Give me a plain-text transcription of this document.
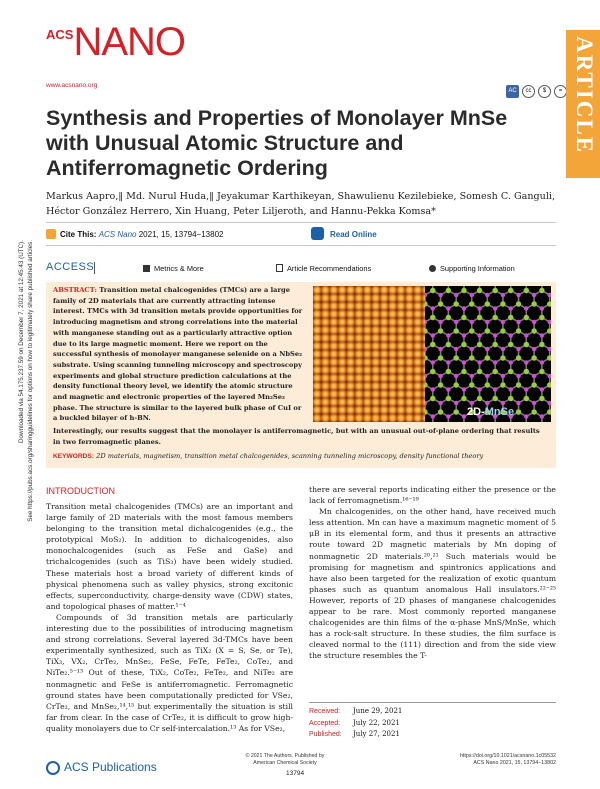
$^{ACS}$NANO
www.acsnano.org
AC	cc	$	= ARTICLE
Downloaded via 54.175.237.59 on December 7, 2021 at 12:45:43 (UTC). See https://pubs.acs.org/sharingguidelines for options on how to legitimately share published articles.
Synthesis and Properties of Monolayer MnSe with Unusual Atomic Structure and Antiferromagnetic Ordering
Markus Aapro,‖ Md. Nurul Huda,‖ Jeyakumar Karthikeyan, Shawulienu Kezilebieke, Somesh C. Ganguli, Héctor González Herrero, Xin Huang, Peter Liljeroth, and Hannu-Pekka Komsa*
Cite This: ACS Nano 2021, 15, 13794−13802	Read Online
ACCESS	Metrics & More	Article Recommendations	Supporting Information
ABSTRACT: Transition metal chalcogenides (TMCs) are a large family of 2D materials that are currently attracting intense interest. TMCs with 3d transition metals provide opportunities for introducing magnetism and strong correlations into the material with manganese standing out as a particularly attractive option due to its large magnetic moment. Here we report on the successful synthesis of monolayer manganese selenide on a NbSe₂ substrate. Using scanning tunneling microscopy and spectroscopy experiments and global structure prediction calculations at the density functional theory level, we identify the atomic structure and magnetic and electronic properties of the layered Mn₂Se₂ phase. The structure is similar to the layered bulk phase of CuI or a buckled bilayer of h-BN.
2D-MnSe
Interestingly, our results suggest that the monolayer is antiferromagnetic, but with an unusual out-of-plane ordering that results in two ferromagnetic planes.
KEYWORDS: 2D materials, magnetism, transition metal chalcogenides, scanning tunneling microscopy, density functional theory
INTRODUCTION

Transition metal chalcogenides (TMCs) are an important and large family of 2D materials with the most famous members belonging to the transition metal dichalcogenides (e.g., the prototypical MoS₂). In addition to dichalcogenides, also monochalcogenides (such as FeSe and GaSe) and trichalcogenides (such as TiS₃) have been widely studied. These materials host a broad variety of different kinds of physical phenomena such as valley physics, strong excitonic effects, superconductivity, charge-density wave (CDW) states, and topological phases of matter.¹⁻⁴

Compounds of 3d transition metals are particularly interesting due to the possibilities of introducing magnetism and strong correlations. Several layered 3d-TMCs have been experimentally synthesized, such as TiX₂ (X = S, Se, or Te), TiX₃, VX₂, CrTe₂, MnSe₂, FeSe, FeTe, FeTe₂, CoTe₂, and NiTe₂.⁵⁻¹³ Out of these, TiX₂, CoTe₂, FeTe₂, and NiTe₂ are nonmagnetic and FeSe is antiferromagnetic. Ferromagnetic ground states have been computationally predicted for VSe₂, CrTe₂, and MnSe₂,¹⁴,¹⁵ but experimentally the situation is still far from clear. In the case of CrTe₂, it is difficult to grow high-quality monolayers due to Cr self-intercalation.¹³ As for VSe₂,

there are several reports indicating either the presence or the lack of ferromagnetism.¹⁶⁻¹⁹

Mn chalcogenides, on the other hand, have received much less attention. Mn can have a maximum magnetic moment of 5 μB in its elemental form, and thus it presents an attractive route toward 2D magnetic materials by Mn doping of nonmagnetic 2D materials.²⁰,²¹ Such materials would be promising for magnetism and spintronics applications and have also been targeted for the realization of exotic quantum phases such as quantum anomalous Hall insulators.²²⁻²⁵ However, reports of 2D phases of manganese chalcogenides appear to be rare. Most commonly reported manganese chalcogenides are thin films of the α-phase MnS/MnSe, which has a rock-salt structure. In these studies, the film surface is cleaved normal to the (111) direction and from the side view the structure resembles the T-

Received: June 29, 2021
Accepted: July 22, 2021
Published: July 27, 2021
ACS Publications
© 2021 The Authors. Published by
American Chemical Society
13794
https://doi.org/10.1021/acsnano.1c05532
ACS Nano 2021, 15, 13794−13802
